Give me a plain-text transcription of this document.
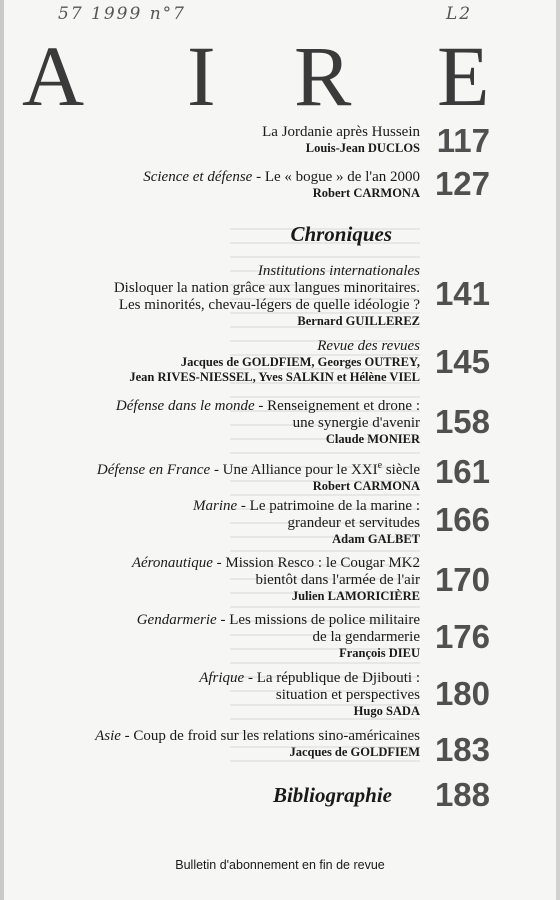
57 1999 n°7	L2
A I R E
La Jordanie après Hussein
Louis-Jean DUCLOS 117
Science et défense - Le « bogue » de l'an 2000
Robert CARMONA 127
Chroniques
Institutions internationales
Disloquer la nation grâce aux langues minoritaires.
Les minorités, chevau-légers de quelle idéologie ?
Bernard GUILLEREZ
141
Revue des revues
Jacques de GOLDFIEM, Georges OUTREY,
Jean RIVES-NIESSEL, Yves SALKIN et Hélène VIEL 145
Défense dans le monde - Renseignement et drone :
une synergie d'avenir
Claude MONIER 158
Défense en France - Une Alliance pour le XXIe siècle
Robert CARMONA 161
Marine - Le patrimoine de la marine :
grandeur et servitudes
Adam GALBET
166
Aéronautique - Mission Resco : le Cougar MK2
bientôt dans l'armée de l'air
Julien LAMORICIÈRE 170
Gendarmerie - Les missions de police militaire
de la gendarmerie
François DIEU 176
Afrique - La république de Djibouti :
situation et perspectives
Hugo SADA 180
Asie - Coup de froid sur les relations sino-américaines
Jacques de GOLDFIEM 183
Bibliographie	188
Bulletin d'abonnement en fin de revue
